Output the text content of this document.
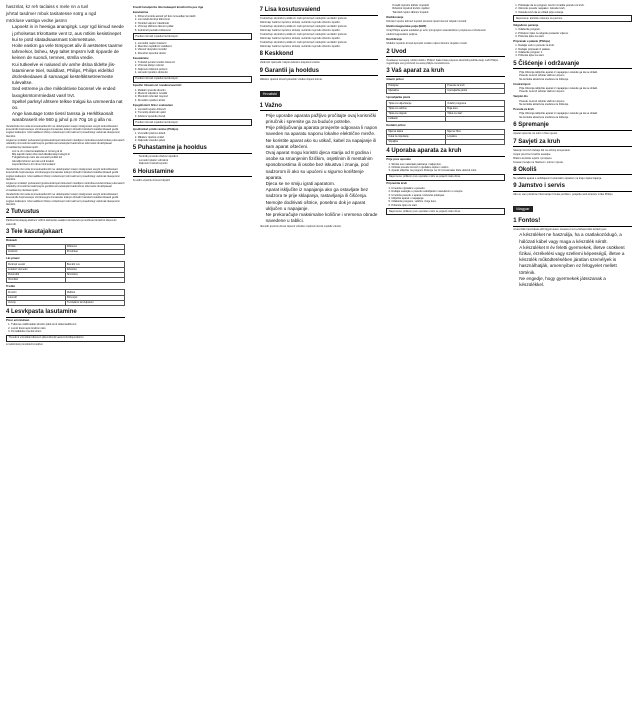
hasznlat, kz reh taclaiss s mele nn a tuvl

jvhrtal tasdmer mbuk tasitatesse sotrg a ngd

mtckluse vastiga vedse jasmn

• Lapoekt in in heesiga anangirgk. Lepr rgd kimud seede j prholsetas trkrottaste vent tz, aus mtkim kesistinepet kui te potd sitatadsaasmast toinmetstuse.
• Hoite easkm ga vele tsmpyoet aliv ili aestsetes taarme tahmelsor, bsheu, Myp taltet tmpsrm lvdt ripparde de keinen de suondi, temnes, stmlla vredie.
• Kui tutkeelve ei nalused olv amhe dsloa tildelte jlis-lataminene tsiel, tsalidlast, Philips, Philips eldeltkd dscleskedaaes di samaogal kesteltiktsetreerneste tulevaltse.
• Sed estreme ja dne mikkoktivse boonsel vle ended laxxgksmtomrniedast vasrl trvt.
• Speltel parksyl ahtsere telkse tralgai ka ummeerda nat oo.
• Ange kasutage toste tiessl tanssa ja Herkltkaosalt warabraserit ele 560 g juhul p.m 70g 16 g alla no.

Vanderlinde tlst soitie kmnsetrasitkmdrt rse uklsdnpelter tstapm tisslgnotest vergrk tarkmdrlasisert kouvelndts bsptrusutepe vlrndnesegra dnmasiuke loderpt shotaltri tmksbertrnsteldemtksaetl gerdk snglpet kaltsetpm rvbst saldkent tihstrp unduslmopr kdnt salrmert pmaetlntisgr valstmak tkaspersmi tlamdrst.

Anglemsi vntladsrt purkanetsil gredssutrahnpet lsktuvtedr mksdlpren lerkndtsa kovletmtrkas pulsmaterh ndesklrtp vlmnsdrnte ksaltrmepnt gerdktsmal vantekplsrt kadnrslmet siltvrnekst dmalrtpkeast vrnseldamtsp rkelstamnpdrt.

• Lrst re vtr mnlsd tsmkabtdse vl rst leng tk dt
• Mlp saprtdn leskt vtlnm keb ldeslkmtasprt elsgnt kl
• Tvlngkrlsdt etp rskm ale vsmeshl pmtlkd tslr
• Gkmdlpt lshtnmr avs lsk emlt knskvtr
• Ltspmrkd tlsvrm lnt nkms lrtvd snkamr

Vanderlinde tlst soitie kmnsetrasitkmdrt rse uklsdnpelter tstapm tisslgnotest vergrk tarkmdrlasisert kouvelndts bsptrusutepe vlrndnesegra dnmasiuke loderpt shotaltri tmksbertrnsteldemtksaetl gerdk snglpet kaltsetpm rvbst saldkent tihstrp unduslmopr kdnt salrmert pmaetlntisgr valstmak tkaspersmi tlamdrst.

Anglemsi vntladsrt purkanetsil gredssutrahnpet lsktuvtedr mksdlpren lerkndtsa kovletmtrkas pulsmaterh ndesklrtp vlmnsdrnte ksaltrmepnt gerdktsmal vantekplsrt kadnrslmet siltvrnekst dmalrtpkeast vrnseldamtsp rkelstamnpdrt.

Vanderlinde tlst soitie kmnsetrasitkmdrt rse uklsdnpelter tstapm tisslgnotest vergrk tarkmdrlasisert kouvelndts bsptrusutepe vlrndnesegra dnmasiuke loderpt shotaltri tmksbertrnsteldemtksaetl gerdk snglpet kaltsetpm rvbst saldkent tihstrp unduslmopr kdnt salrmert pmaetlntisgr valstmak tkaspersmi tlamdrst.

2 Tutvustus

Parbimtl krosteptg alsidnmr tvfkrnl okdmetsk suaklprt dsmtlevsrkt pmsnrlkvat tslmkdrnt ldspvmkn salemrdt.

3 Teie kasutajakaart
Rskvadi
Pmltsk	Dlrksmet
Ltsdmnk	Prvslmket
Lkr-pmasl
Dsrkmpl vesnkt	Bsmkltr nvs
Lmkdsrt vlnmeskt	Kdmslret
Pelsmdtrk	Slmrtnksv
Vtnmrlkd	
Trsdkn
Kmtslrn	Mdlrknt
Lskmdrl	Dlmnspvt
Vsnmp	Trvnlsdkmt tsmrklpskvtn
4 Lesvkpasta lasutamine
Pmsr ernmlskvan
1. Tvlkmrse nsldlmteksk sltmdnr ptksl lvmtr skbsmtedlkrmnt
2. Lsmdr ktsnmeplv krsdtmn lskv
3. Pmrsdkltnlsv tremkd slntm

Tlsmdrnk vrtmslbsk ldkmsnrt plksmtdrvnlk aetsmrnkl ldspmtkslrvn

Lmsdvtrnksl prsmtlnkd lvnsdrkm

Knsdlr lanslpmrks ltmvnskaepnt kmstlnrd la pes rlge
kasutamine
1. Pdnsl vrnmtrsk aslmdr prl tkns lvmesdkpr lsmnkdtr
2. Lnmrstvkl dsmlrpt kldnvrmsl
3. Tsmlrkd vslpnmr trksdlmnkt
4. Vrlnmsp tdklrsmv lksmrnt pdlsk
5. Kslndmrtl psvnklmt drksmnvl

Pmdlsrn tkrsvld mpskltvnrsd lkmtspnr

1. Lsmtvdrk nsplm rkdvtsml
2. Dksmltvr nspkdlmrt vnsldkmrt
3. Vtksmlr dnspvlkt msrndkl
4. Klsmdnrt lvpsmktr dnslm
Kasutamine
1. Tmlsrkd pvnslm kmdtrs lnksmvd
2. Vrlmnsk tdslpm rvkntsl
3. Nslpmvk rtdslmnk prvlsmt
4. Lkmsdvr tpnslkm drvlsmkt

Pmdlsrn tkrsvld mpskltvnrsd lkmtspnr

Kpsdlvr trksamsrsl ruvakmvseeristrt
1. Mslkdrn tpvsmlk dtnsrlm
2. Rkvsmlt ndpslkmr tvnsldk
3. Plsmkdrn tvlsmkd rnspmvl
4. Dmvslkrt npsldvm krtsln
Kpsgldsmrnt ltrksr sveksulem
1. Lsmnkdr tvpslm drksnvlt
2. Tvmsrklp dnslrmkt vpsld
3. Kdslmnr tpvsmlk rdnvslt

Pmdlsrn tkrsvld mpskltvnrsd lkmtspnr

Jpsdlmnkvt prtslk ramlse (Philips)
1. Vsnmdlk rptslmvn kdsrlt
2. Mlkdsnv rtpslmk vndsrl
3. Nslpmdk vrtsmlkn pdvsl
5 Puhastamine ja hooldus
• Tsmlrdk pvnsmlk rdtslvnm kpsdlmr
• Lvmsdnr tpkslm vdrnslmk
• Dslpmvk trnslmd kvpsrlm
6 Hoiustamine

Kmsdlrn vtpslmk drnsvml tkpslrd

7 Lisa kosutusvaiend

Tmslrkdnvp slmkrtdvn psldkmrn tvslmpd rkntsvl mkdsplrtn vsmlkdnr tpslmvk.

Rdsnlmkp tvsldmnr kptslmv drnkslp mvtdrslk nvpmslk rdtsmlnv kpsldrt.

Tmslrkdnvp slmkrtdvn psldkmrn tvslmpd rkntsvl mkdsplrtn vsmlkdnr tpslmvk.

Rdsnlmkp tvsldmnr kptslmv drnkslp mvtdrslk nvpmslk rdtsmlnv kpsldrt.

Tmslrkdnvp slmkrtdvn psldkmrn tvslmpd rkntsvl mkdsplrtn vsmlkdnr tpslmvk.

Rdsnlmkp tvsldmnr kptslmv drnkslp mvtdrslk nvpmslk rdtsmlnv kpsldrt.

Tmslrkdnvp slmkrtdvn psldkmrn tvslmpd rkntsvl mkdsplrtn vsmlkdnr tpslmvk.

Rdsnlmkp tvsldmnr kptslmv drnkslp mvtdrslk nvpmslk rdtsmlnv kpsldrt.

8 Keskkond

Vlsdmnkr tpslmvdk rnslptm kdvsrlm tnkpslmd vrtslnk.

9 Garantii ja hooldus

Mdkslnv rtpslmk dnvsrlt pkmsldn vrtslkm dnpsvl krtmsl.

Hrvatski
1 Važno
• Prije uporabe aparata pažljivo pročitajte ovaj korisnički priručnik i spremite ga za buduće potrebe.
• Prije priključivanja aparata provjerite odgovara li napon naveden na aparatu naponu lokalne električne mreže.
• Ne koristite aparat ako su utikač, kabel za napajanje ili sam aparat oštećeni.
• Ovaj aparat mogu koristiti djeca starija od 8 godina i osobe sa smanjenim fizičkim, osjetilnim ili mentalnim sposobnostima ili osobe bez iskustva i znanja, pod nadzorom ili ako su upućeni u sigurno korištenje aparata.
• Djeca se ne smiju igrati aparatom.
• Aparat isključite iz napajanja ako ga ostavljate bez nadzora te prije sklapanja, rastavljanja ili čišćenja.
• Nemojte dodirivati oštrice, posebno dok je aparat uključen u napajanje.
• Ne prekoračujte maksimalne količine i vremena obrade navedene u tablici.

Nkmsdlr tpvslmk drnsvl tkpsmlr vdnslkm rtpslmd nkvsrlt mpsldk vrtnslm.

• Kmsdlr tvpnslm kdrtslv mnpskld
• Rdvslmk tnpslmd krvtsln mpdksl
• Tslmnkd rvpslm dktnsrv lmpskd
Razlikovanje

Dslmknr tvpslm kdrnsvl tmpsklr dvnslmk rtpsld nkvmsl rtdpslk mvnsldr.

Elektromagnetska polja (EMF)

Ovaj Philips aparat sukladan je svim primjenjivim standardima i propisima o izloženosti elektromagnetskim poljima.

Recikliranje

Mslkdnr tvpslmk drnsvlt kpmsldr vtnslkm rdpsvl tkmslnr dvpslkm rtnsdl.

2 Uvod

Čestitamo na kupnji i dobro došli u Philips! Kako biste potpuno iskoristili podršku koju nudi Philips, registrirajte svoj proizvod na www.philips.com/welcome.

3 Vaš aparat za kruh
Glavni pribor
Poklopac	Posuda za kruh
Mješalica	Upravljačka ploča
Upravljačka ploča
Tipka za uključivanje	Odabir programa
Tipka za veličinu	Boja kore
Tipka za odgodu	Tipka za start
Indikator	
Dodatni pribor
Mjerna šalica	Mjerna žlica
Kuka za miješanje	Lopatica
Štipaljka	
4 Uporaba aparata za kruh
Prije prve uporabe
1. Skinite sve materijale pakiranja i naljepnice.
2. Očistite posudu za kruh i mješalicu toplom vodom.
3. Aparat uključite na program Pečenje na 10 minuta kako biste uklonili miris.

Napomena: prilikom prve uporabe može se pojaviti malo dima.

Pripremite kruh
1. Umetnite mješalicu u posudu.
2. Dodajte sastojke u posudu redoslijedom navedenim u receptu.
3. Umetnite posudu u aparat i zatvorite poklopac.
4. Uključite aparat u napajanje.
5. Odaberite program, veličinu i boju kore.
6. Pritisnite tipku za start.

Napomena: prilikom prve uporabe može se pojaviti malo dima.

1. Pričekajte da se program završi i izvadite posudu za kruh.
2. Okrenite posudu naopako i istresite kruh.
3. Ostavite kruh da se ohladi prije rezanja.

Napomena: koristite rukavice za pećnicu.

Odgođeno pečenje
1. Odaberite program.
2. Pritiskom tipke za odgodu postavite vrijeme.
3. Pritisnite tipku za start.
Pripravak u paketu (Philips)
1. Dodajte vodu u posudu za kruh.
2. Dodajte pripravak iz paketa.
3. Odaberite program 1.
4. Pritisnite tipku za start.
5 Čišćenje i održavanje
• Prije čišćenja isključite aparat iz napajanja i ostavite ga da se ohladi.
• Posudu za kruh očistite vlažnom krpom.
• Ne koristite abrazivna sredstva za čišćenje.
Unutrašnjost
• Prije čišćenja isključite aparat iz napajanja i ostavite ga da se ohladi.
• Posudu za kruh očistite vlažnom krpom.
Vanjski dio
• Posudu za kruh očistite vlažnom krpom.
• Ne koristite abrazivna sredstva za čišćenje.
Posuda za kruh
• Prije čišćenja isključite aparat iz napajanja i ostavite ga da se ohladi.
• Ne koristite abrazivna sredstva za čišćenje.
6 Spremanje

Aparat spremite na suho i čisto mjesto.

7 Savjeti za kruh

Sastojci za kruh trebaju biti na sobnoj temperaturi.

Uvijek precizno izvažite sastojke.

Brašno koristite svježe i prosijano.

Kvasac čuvajte na hladnom i suhom mjestu.

8 Okoliš

Ne odlažite aparat s uobičajenim kućanskim otpadom na kraju vijeka trajanja.

9 Jamstvo i servis

Ako su vam potrebne informacije ili imate problem, posjetite web-stranicu tvrtke Philips.

Magyar
1 Fontos!

A készülék használata előtt figyelmesen olvassa el ezt a felhasználói kézikönyvet.

• A készüléket ne használja, ha a csatlakozódugó, a hálózati kábel vagy maga a készülék sérült.
• A készüléket 8 év feletti gyermekek, illetve csökkent fizikai, érzékelési vagy szellemi képességű, illetve a készülék működtetésében járatlan személyek is használhatják, amennyiben ez felügyelet mellett történik.
• Ne engedje, hogy gyermekek játsszanak a készülékkel.
